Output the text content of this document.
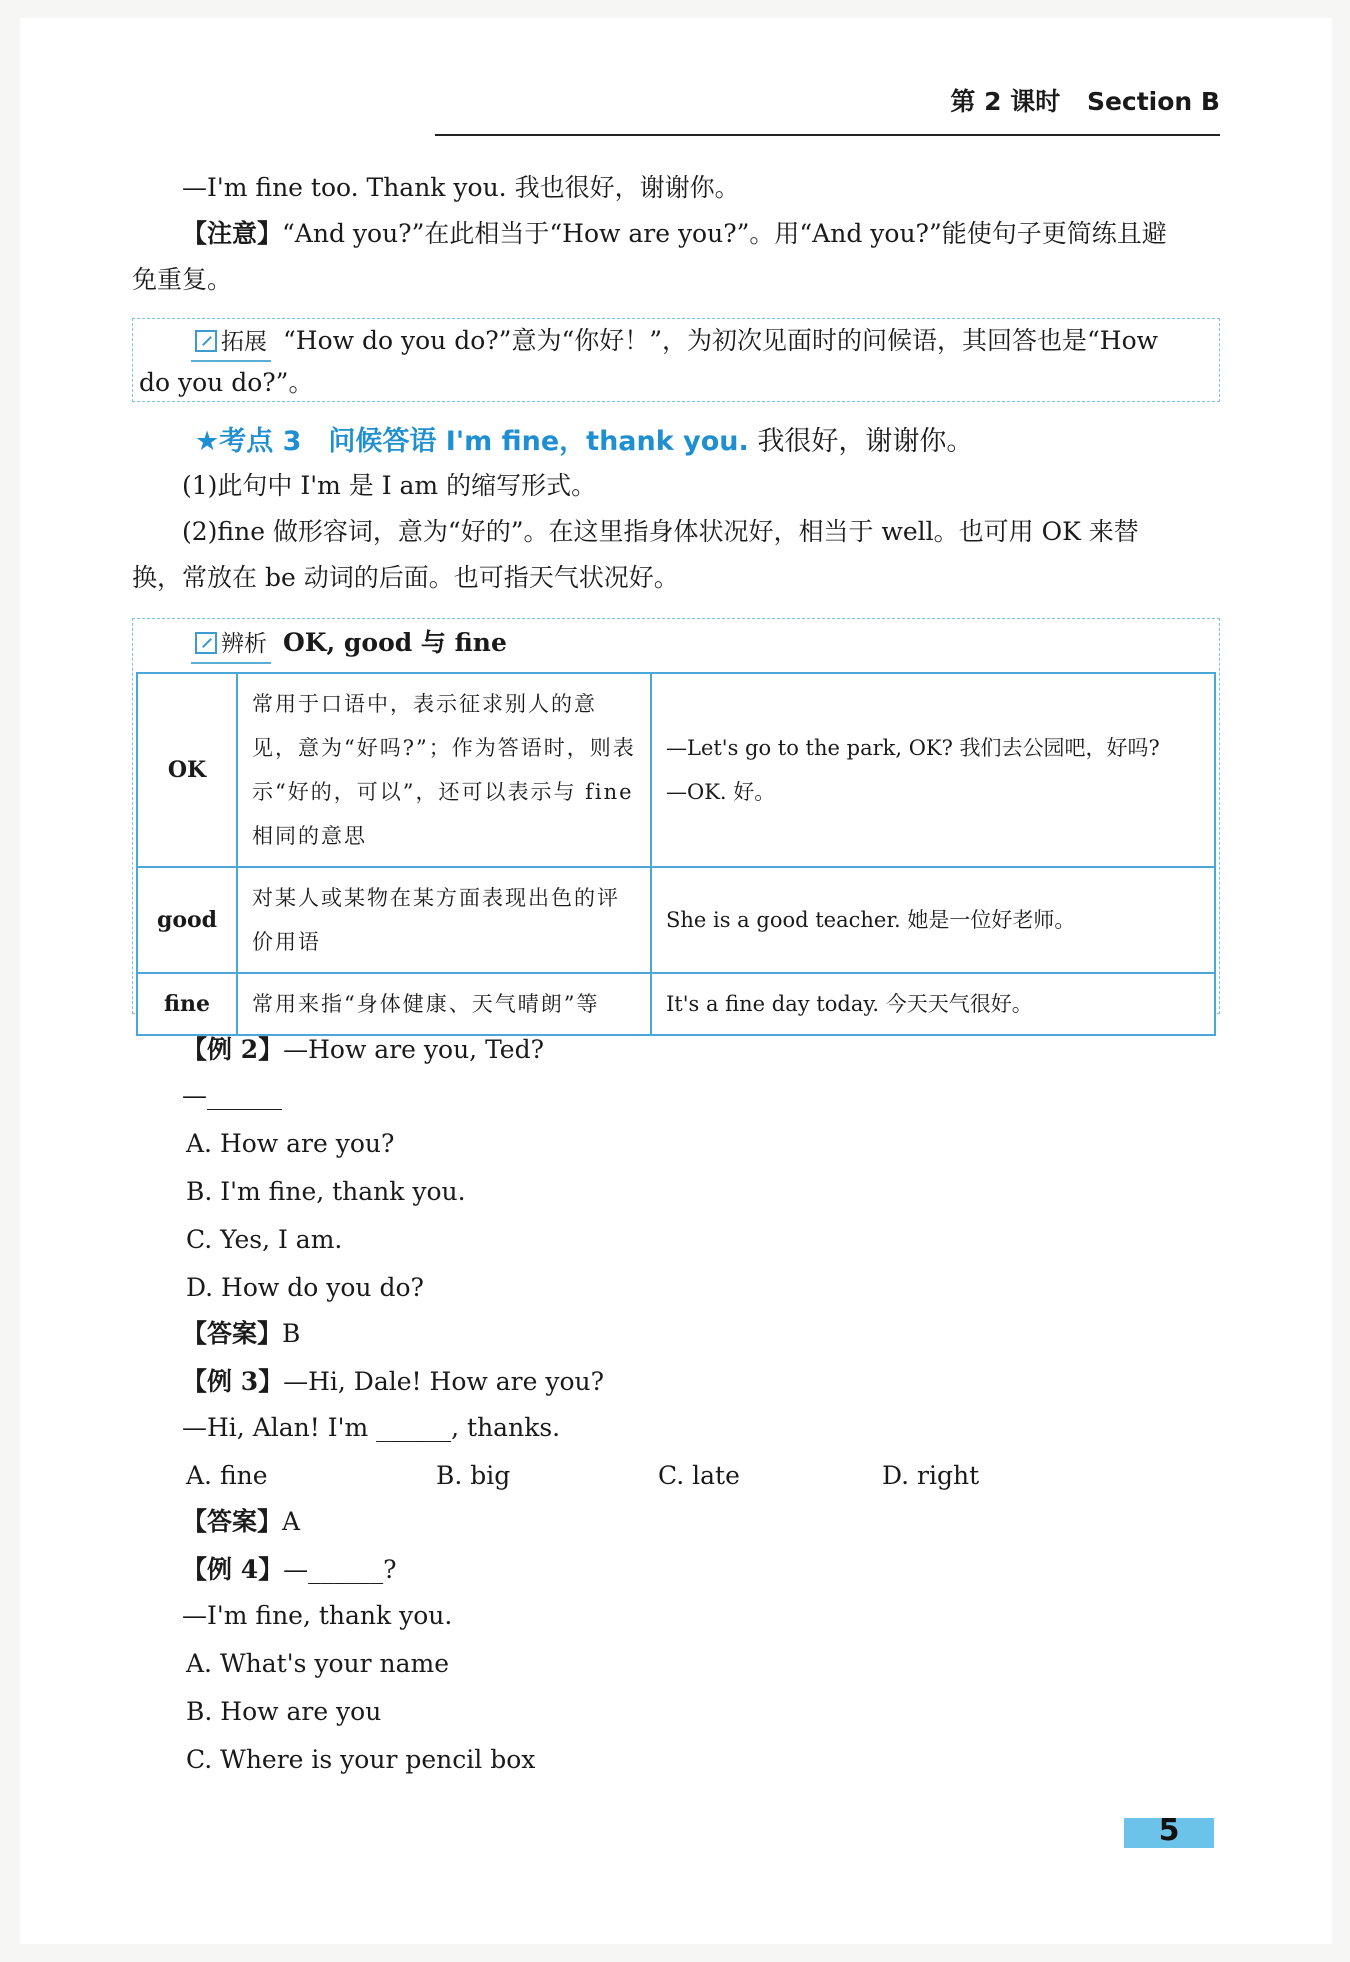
第 2 课时 Section B
—I'm fine too. Thank you. 我也很好，谢谢你。
【注意】“And you?”在此相当于“How are you?”。用“And you?”能使句子更简练且避
免重复。
拓展 “How do you do?”意为“你好！”，为初次见面时的问候语，其回答也是“How
do you do?”。
★考点 3　问候答语 I'm fine，thank you. 我很好，谢谢你。
(1)此句中 I'm 是 I am 的缩写形式。
(2)fine 做形容词，意为“好的”。在这里指身体状况好，相当于 well。也可用 OK 来替
换，常放在 be 动词的后面。也可指天气状况好。
辨析 OK, good 与 fine
OK	常用于口语中，表示征求别人的意见，意为“好吗?”；作为答语时，则表示“好的，可以”，还可以表示与 fine 相同的意思	—Let's go to the park, OK? 我们去公园吧，好吗?
—OK. 好。
good	对某人或某物在某方面表现出色的评价用语	She is a good teacher. 她是一位好老师。
fine	常用来指“身体健康、天气晴朗”等	It's a fine day today. 今天天气很好。
【例 2】—How are you, Ted?
—______
A. How are you?
B. I'm fine, thank you.
C. Yes, I am.
D. How do you do?
【答案】B
【例 3】—Hi, Dale! How are you?
—Hi, Alan! I'm ______, thanks.
A. fine	B. big	C. late	D. right
【答案】A
【例 4】—______?
—I'm fine, thank you.
A. What's your name
B. How are you
C. Where is your pencil box
5
